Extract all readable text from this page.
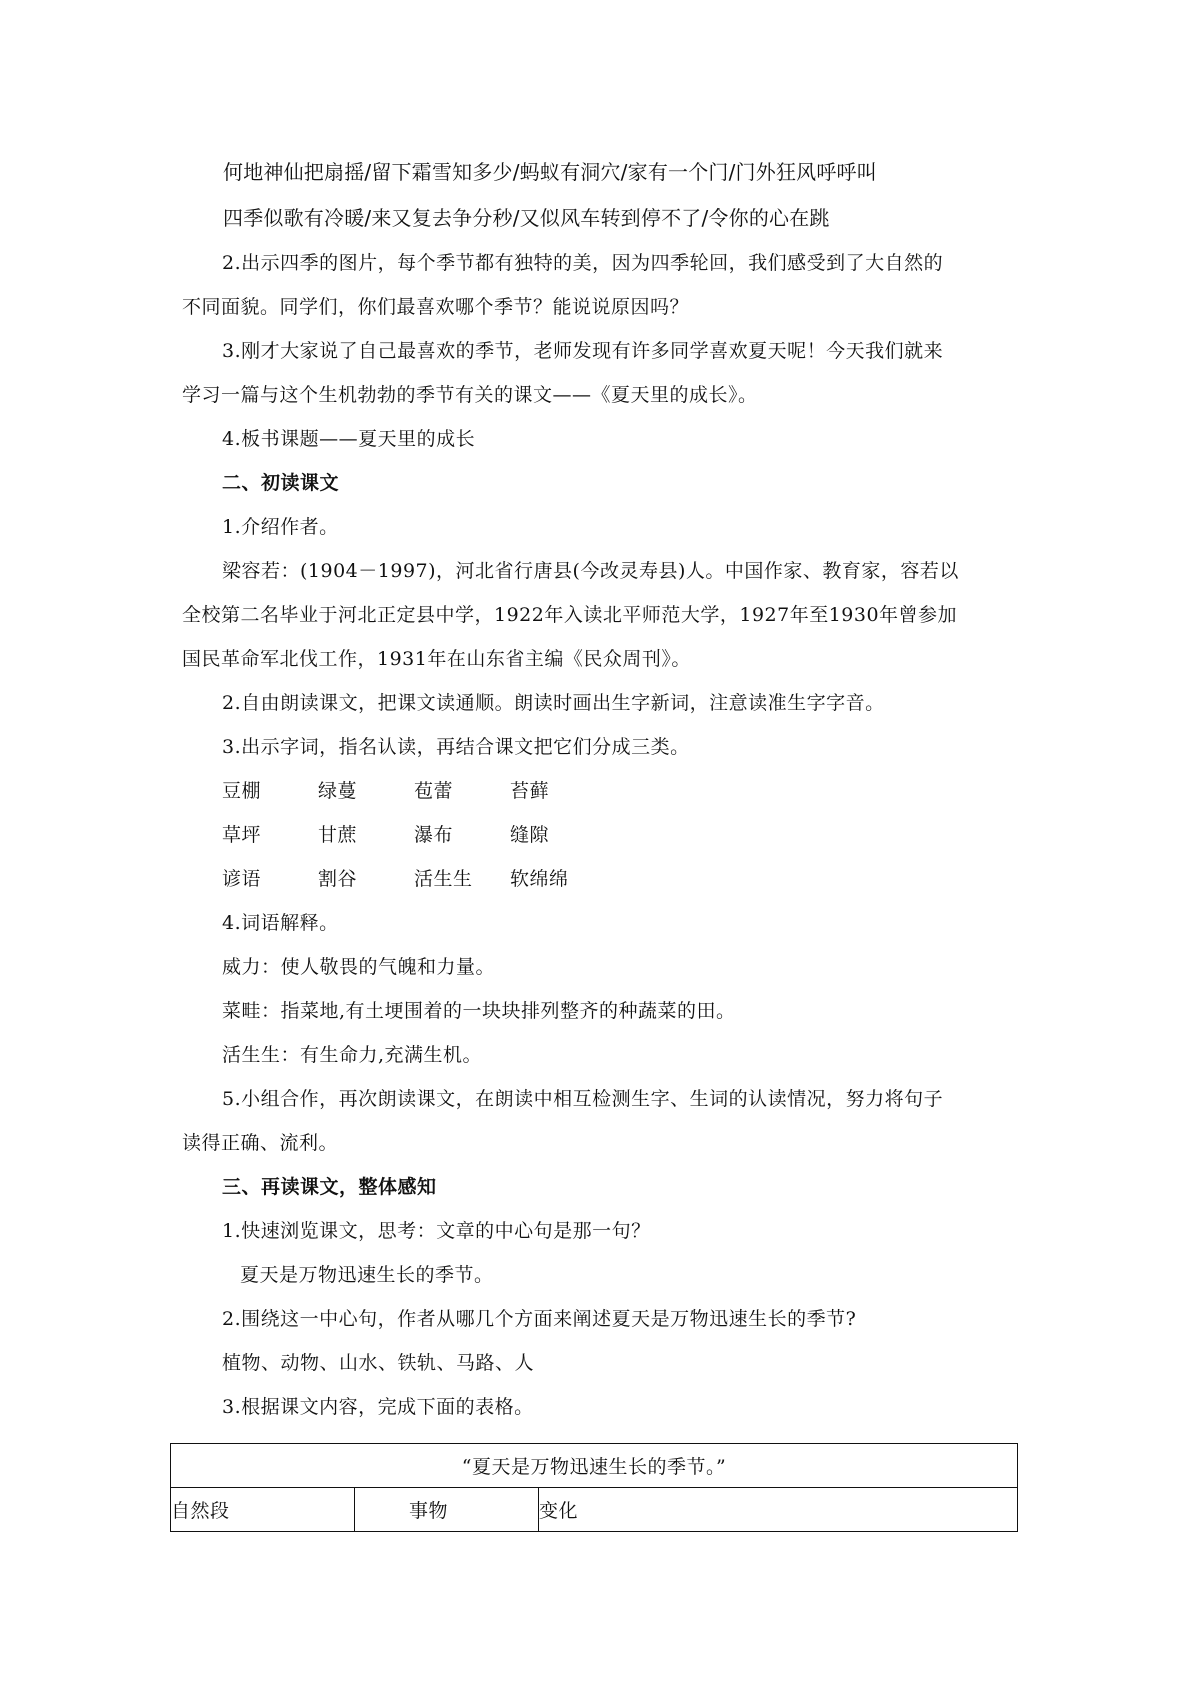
何地神仙把扇摇/留下霜雪知多少/蚂蚁有洞穴/家有一个门/门外狂风呼呼叫
四季似歌有冷暖/来又复去争分秒/又似风车转到停不了/令你的心在跳
2.出示四季的图片，每个季节都有独特的美，因为四季轮回，我们感受到了大自然的
不同面貌。同学们，你们最喜欢哪个季节？能说说原因吗？
3.刚才大家说了自己最喜欢的季节，老师发现有许多同学喜欢夏天呢！今天我们就来
学习一篇与这个生机勃勃的季节有关的课文——《夏天里的成长》。
4.板书课题——夏天里的成长
二、初读课文
1.介绍作者。
梁容若：(1904－1997)，河北省行唐县(今改灵寿县)人。中国作家、教育家，容若以
全校第二名毕业于河北正定县中学，1922年入读北平师范大学，1927年至1930年曾参加
国民革命军北伐工作，1931年在山东省主编《民众周刊》。
2.自由朗读课文，把课文读通顺。朗读时画出生字新词，注意读准生字字音。
3.出示字词，指名认读，再结合课文把它们分成三类。
豆棚	绿蔓	苞蕾	苔藓
草坪	甘蔗	瀑布	缝隙
谚语	割谷	活生生 软绵绵
4.词语解释。
威力：使人敬畏的气魄和力量。
菜畦：指菜地,有土埂围着的一块块排列整齐的种蔬菜的田。
活生生：有生命力,充满生机。
5.小组合作，再次朗读课文，在朗读中相互检测生字、生词的认读情况，努力将句子
读得正确、流利。
三、再读课文，整体感知
1.快速浏览课文，思考：文章的中心句是那一句？
夏天是万物迅速生长的季节。
2.围绕这一中心句，作者从哪几个方面来阐述夏天是万物迅速生长的季节?
植物、动物、山水、铁轨、马路、人
3.根据课文内容，完成下面的表格。
“夏天是万物迅速生长的季节。”
自然段	事物	变化
